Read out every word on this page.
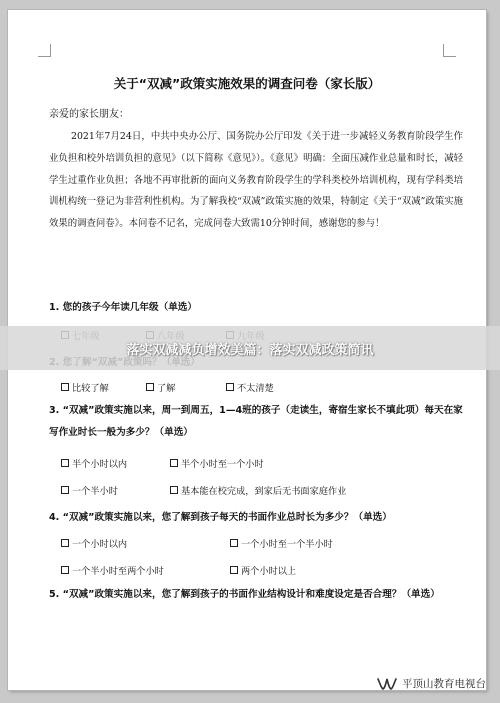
关于“双减”政策实施效果的调查问卷（家长版）
亲爱的家长朋友：

2021年7月24日，中共中央办公厅、国务院办公厅印发《关于进一步减轻义务教育阶段学生作业负担和校外培训负担的意见》（以下简称《意见》）。《意见》明确：全面压减作业总量和时长，减轻学生过重作业负担；各地不再审批新的面向义务教育阶段学生的学科类校外培训机构，现有学科类培训机构统一登记为非营利性机构。为了解我校“双减”政策实施的效果，特制定《关于“双减”政策实施效果的调查问卷》。本问卷不记名，完成问卷大致需10分钟时间，感谢您的参与！

1. 您的孩子今年读几年级（单选）

比较了解	了解	不太清楚

3. “双减”政策实施以来，周一到周五，1—4班的孩子（走读生，寄宿生家长不填此项）每天在家写作业时长一般为多少？（单选）

半个小时以内	半个小时至一个小时
一个半小时	基本能在校完成，到家后无书面家庭作业

4. “双减”政策实施以来，您了解到孩子每天的书面作业总时长为多少？（单选）

一个小时以内	一个小时至一个半小时
一个半小时至两个小时	两个小时以上

5. “双减”政策实施以来，您了解到孩子的书面作业结构设计和难度设定是否合理？（单选）

落实双减减负增效美篇：落实双减政策简讯
平顶山教育电视台
